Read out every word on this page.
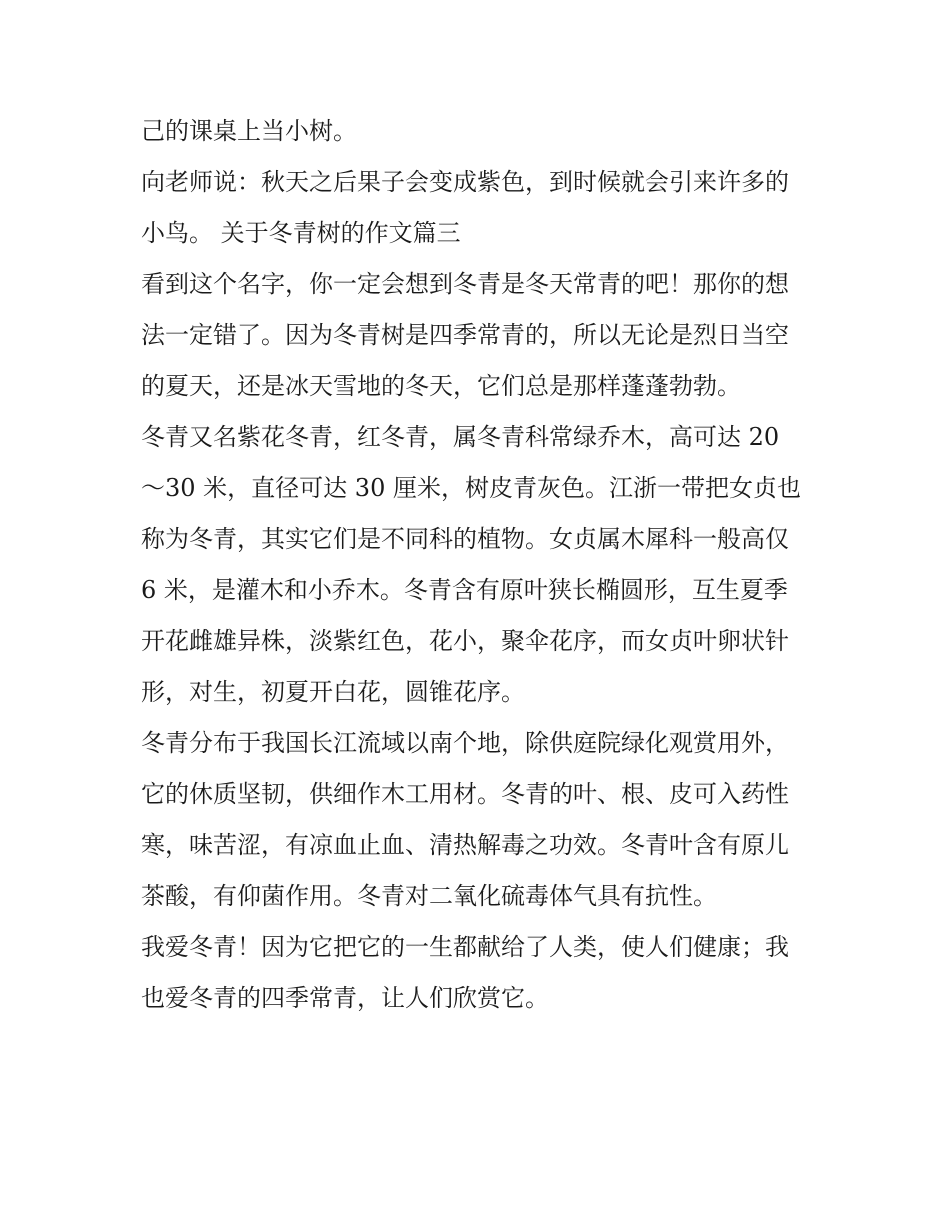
己的课桌上当小树。
向老师说：秋天之后果子会变成紫色，到时候就会引来许多的
小鸟。 关于冬青树的作文篇三
看到这个名字，你一定会想到冬青是冬天常青的吧！那你的想
法一定错了。因为冬青树是四季常青的，所以无论是烈日当空
的夏天，还是冰天雪地的冬天，它们总是那样蓬蓬勃勃。
冬青又名紫花冬青，红冬青，属冬青科常绿乔木，高可达 20
～30 米，直径可达 30 厘米，树皮青灰色。江浙一带把女贞也
称为冬青，其实它们是不同科的植物。女贞属木犀科一般高仅
6 米，是灌木和小乔木。冬青含有原叶狭长椭圆形，互生夏季
开花雌雄异株，淡紫红色，花小，聚伞花序，而女贞叶卵状针
形，对生，初夏开白花，圆锥花序。
冬青分布于我国长江流域以南个地，除供庭院绿化观赏用外，
它的休质坚韧，供细作木工用材。冬青的叶、根、皮可入药性
寒，味苦涩，有凉血止血、清热解毒之功效。冬青叶含有原儿
茶酸，有仰菌作用。冬青对二氧化硫毒体气具有抗性。
我爱冬青！因为它把它的一生都献给了人类，使人们健康；我
也爱冬青的四季常青，让人们欣赏它。
